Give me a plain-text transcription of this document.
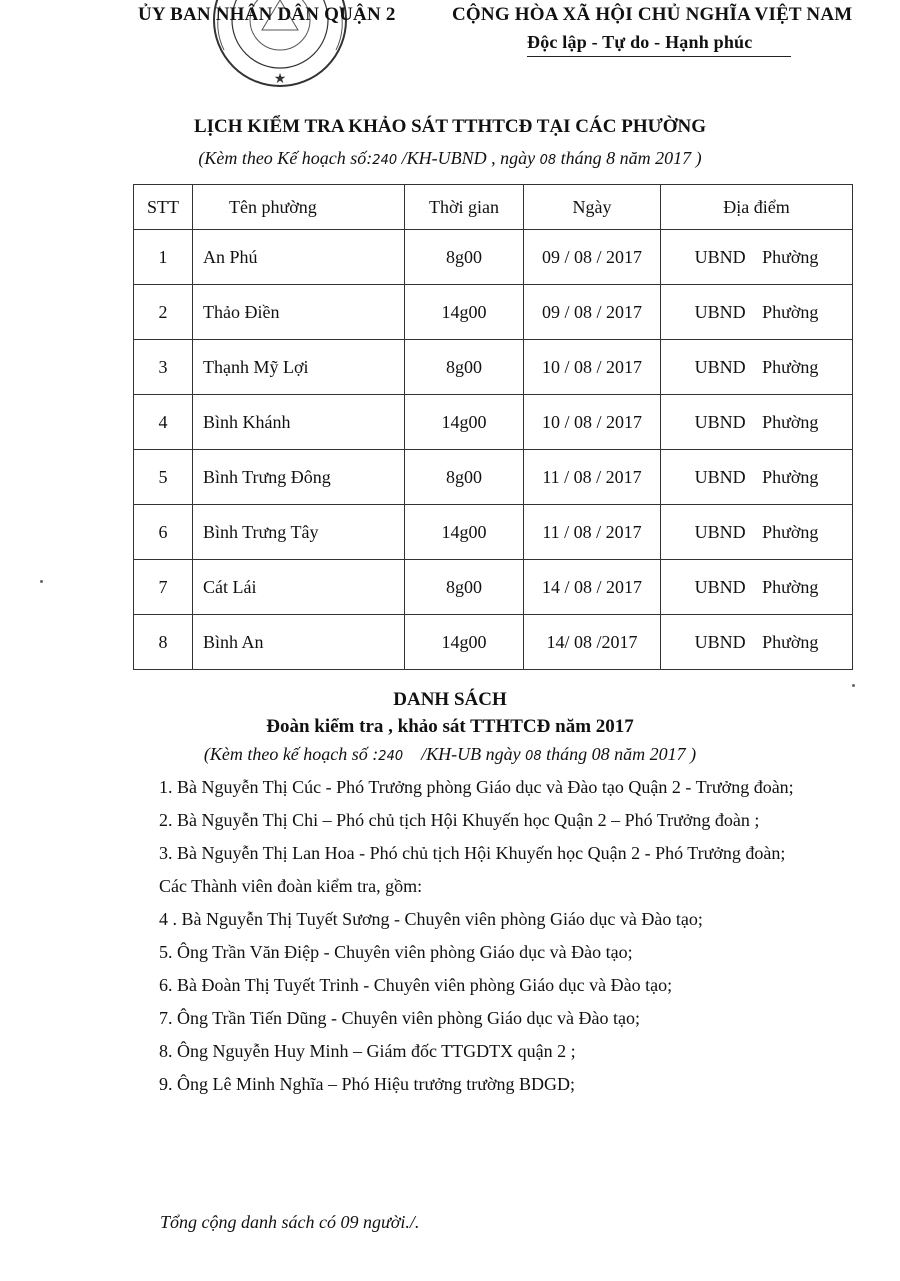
★
ỦY BAN NHÂN DÂN QUẬN 2	CỘNG HÒA XÃ HỘI CHỦ NGHĨA VIỆT NAM
Độc lập - Tự do - Hạnh phúc
LỊCH KIỂM TRA KHẢO SÁT TTHTCĐ TẠI CÁC PHƯỜNG
(Kèm theo Kế hoạch số:240 /KH-UBND , ngày 08 tháng 8 năm 2017 )
STT	Tên phường	Thời gian	Ngày	Địa điểm
1	An Phú	8g00	09 / 08 / 2017	UBND Phường
2	Thảo Điền	14g00	09 / 08 / 2017	UBND Phường
3	Thạnh Mỹ Lợi	8g00	10 / 08 / 2017	UBND Phường
4	Bình Khánh	14g00	10 / 08 / 2017	UBND Phường
5	Bình Trưng Đông	8g00	11 / 08 / 2017	UBND Phường
6	Bình Trưng Tây	14g00	11 / 08 / 2017	UBND Phường
7	Cát Lái	8g00	14 / 08 / 2017	UBND Phường
8	Bình An	14g00	14/ 08 /2017	UBND Phường
DANH SÁCH
Đoàn kiểm tra , khảo sát TTHTCĐ năm 2017
(Kèm theo kế hoạch số :240 /KH-UB ngày 08 tháng 08 năm 2017 )
1. Bà Nguyễn Thị Cúc - Phó Trưởng phòng Giáo dục và Đào tạo Quận 2 - Trưởng đoàn;
2. Bà Nguyễn Thị Chi – Phó chủ tịch Hội Khuyến học Quận 2 – Phó Trưởng đoàn ;
3. Bà Nguyễn Thị Lan Hoa - Phó chủ tịch Hội Khuyến học Quận 2 - Phó Trưởng đoàn;
Các Thành viên đoàn kiểm tra, gồm:
4 . Bà Nguyễn Thị Tuyết Sương - Chuyên viên phòng Giáo dục và Đào tạo;
5. Ông Trần Văn Điệp - Chuyên viên phòng Giáo dục và Đào tạo;
6. Bà Đoàn Thị Tuyết Trinh - Chuyên viên phòng Giáo dục và Đào tạo;
7. Ông Trần Tiến Dũng - Chuyên viên phòng Giáo dục và Đào tạo;
8. Ông Nguyễn Huy Minh – Giám đốc TTGDTX quận 2 ;
9. Ông Lê Minh Nghĩa – Phó Hiệu trưởng trường BDGD;
Tổng cộng danh sách có 09 người./.
